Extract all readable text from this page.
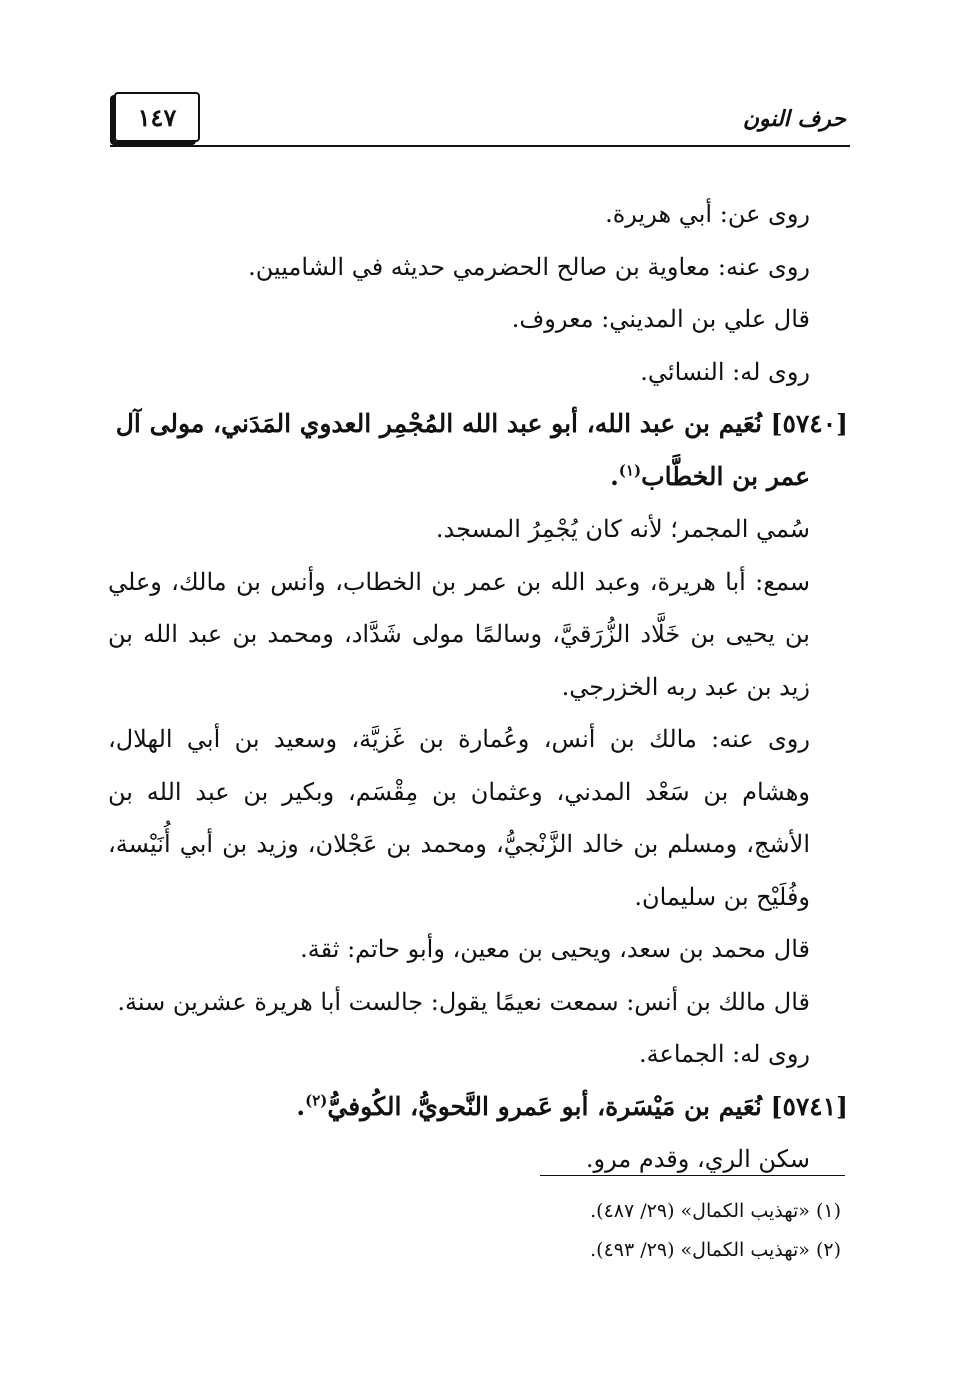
١٤٧	حرف النون

روى عن: أبي هريرة.

روى عنه: معاوية بن صالح الحضرمي حديثه في الشاميين.

قال علي بن المديني: معروف.

روى له: النسائي.

[٥٧٤٠] نُعَيم بن عبد الله، أبو عبد الله المُجْمِر العدوي المَدَني، مولى آل

عمر بن الخطَّاب$^{(١)}$.

سُمي المجمر؛ لأنه كان يُجْمِرُ المسجد.

سمع: أبا هريرة، وعبد الله بن عمر بن الخطاب، وأنس بن مالك، وعلي بن يحيى بن خَلَّاد الزُّرَقيَّ، وسالمًا مولى شَدَّاد، ومحمد بن عبد الله بن زيد بن عبد ربه الخزرجي.

روى عنه: مالك بن أنس، وعُمارة بن غَزيَّة، وسعيد بن أبي الهلال، وهشام بن سَعْد المدني، وعثمان بن مِقْسَم، وبكير بن عبد الله بن الأشج، ومسلم بن خالد الزَّنْجيُّ، ومحمد بن عَجْلان، وزيد بن أبي أُنَيْسة، وفُلَيْح بن سليمان.

قال محمد بن سعد، ويحيى بن معين، وأبو حاتم: ثقة.

قال مالك بن أنس: سمعت نعيمًا يقول: جالست أبا هريرة عشرين سنة.

روى له: الجماعة.

[٥٧٤١] نُعَيم بن مَيْسَرة، أبو عَمرو النَّحويُّ، الكُوفيُّ$^{(٢)}$.

سكن الري، وقدم مرو.

(١) «تهذيب الكمال» (٢٩/ ٤٨٧).

(٢) «تهذيب الكمال» (٢٩/ ٤٩٣).
